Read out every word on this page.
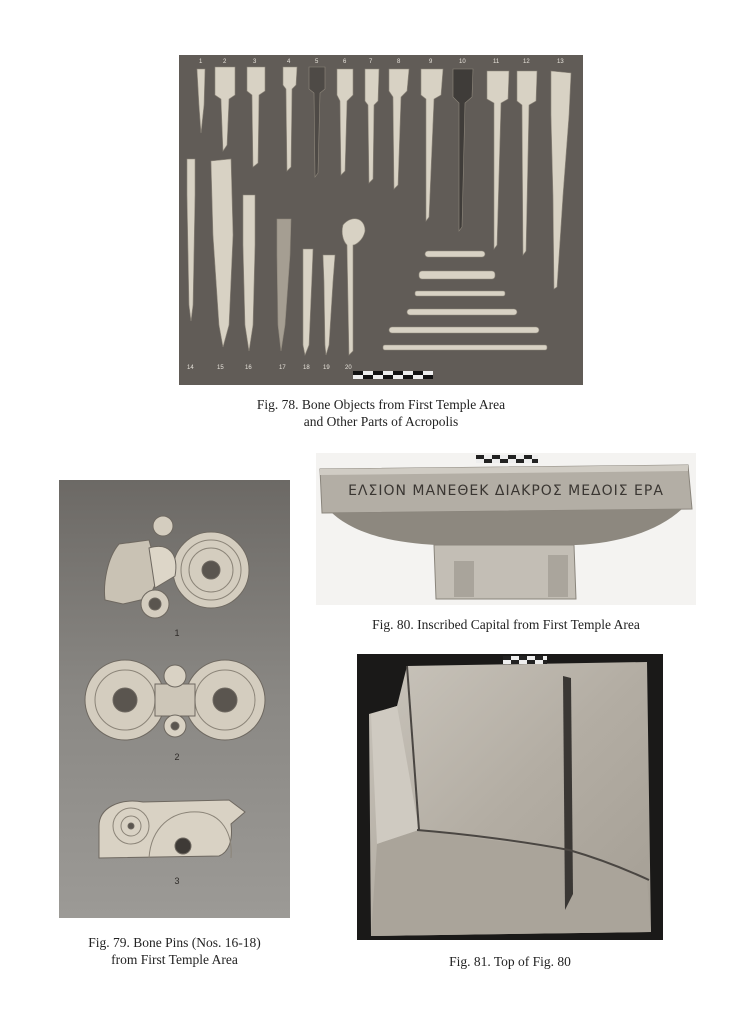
1	2	3	4	5	6	7	8	9	10	11	12	13
14	15	16	17	18 19	20
Fig. 78. Bone Objects from First Temple Area
and Other Parts of Acropolis
1
2
3
Fig. 79. Bone Pins (Nos. 16-18)
from First Temple Area
ΕΛΣΙΟΝ ΜΑΝΕΘΕΚ ΔΙΑΚΡΟΣ ΜΕΔΟΙΣ ΕΡΑ
Fig. 80. Inscribed Capital from First Temple Area
Fig. 81. Top of Fig. 80
